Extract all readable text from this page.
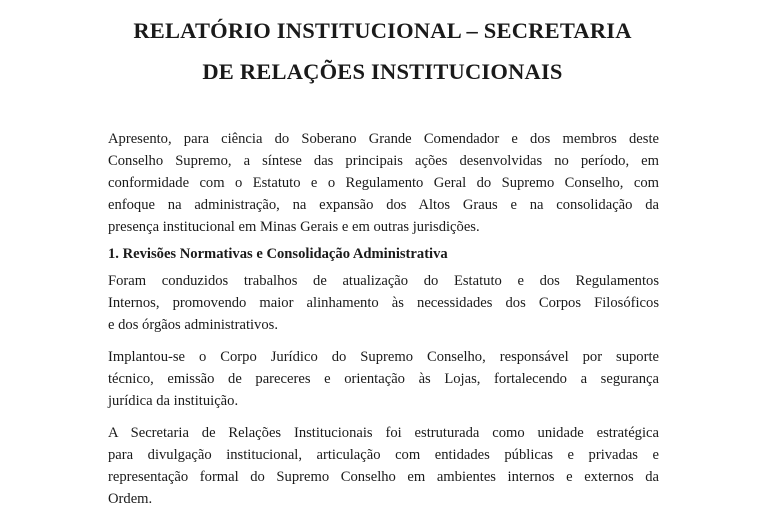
RELATÓRIO INSTITUCIONAL – SECRETARIA
DE RELAÇÕES INSTITUCIONAIS

Apresento, para ciência do Soberano Grande Comendador e dos membros deste
Conselho Supremo, a síntese das principais ações desenvolvidas no período, em
conformidade com o Estatuto e o Regulamento Geral do Supremo Conselho, com
enfoque na administração, na expansão dos Altos Graus e na consolidação da
presença institucional em Minas Gerais e em outras jurisdições.

1. Revisões Normativas e Consolidação Administrativa

Foram conduzidos trabalhos de atualização do Estatuto e dos Regulamentos
Internos, promovendo maior alinhamento às necessidades dos Corpos Filosóficos
e dos órgãos administrativos.

Implantou-se o Corpo Jurídico do Supremo Conselho, responsável por suporte
técnico, emissão de pareceres e orientação às Lojas, fortalecendo a segurança
jurídica da instituição.

A Secretaria de Relações Institucionais foi estruturada como unidade estratégica
para divulgação institucional, articulação com entidades públicas e privadas e
representação formal do Supremo Conselho em ambientes internos e externos da
Ordem.
